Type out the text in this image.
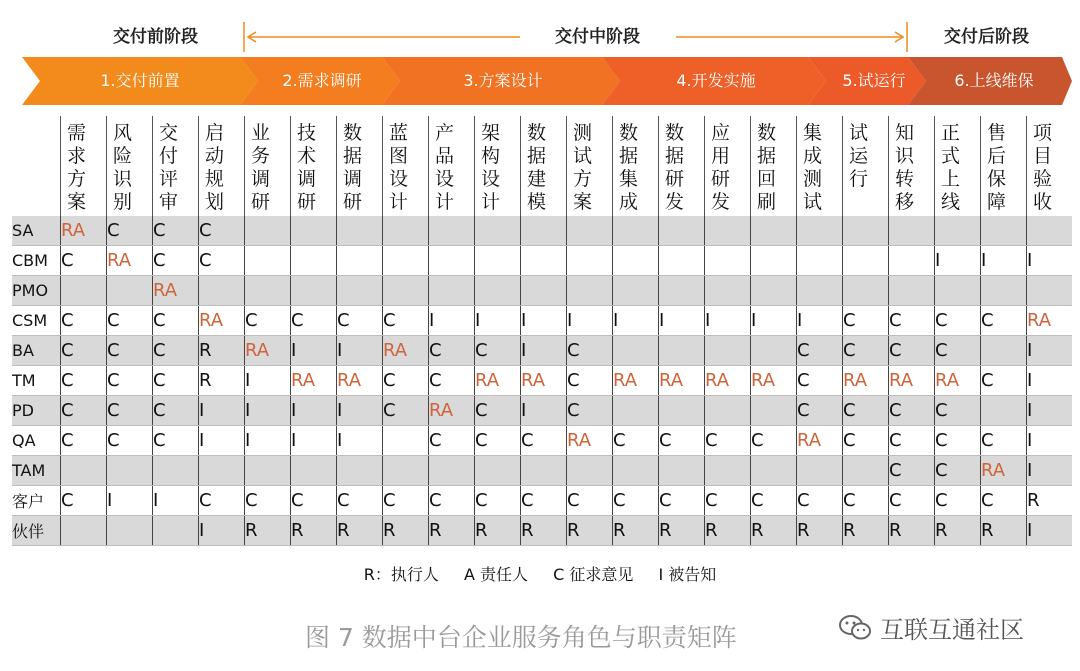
交付前阶段	交付中阶段	交付后阶段
1.交付前置	2.需求调研	3.方案设计	4.开发实施	5.试运行	6.上线维保

	需求方案	风险识别	交付评审	启动规划	业务调研	技术调研	数据调研	蓝图设计	产品设计	架构设计	数据建模	测试方案	数据集成	数据研发	应用研发	数据回刷	集成测试	试运行	知识转移	正式上线	售后保障	项目验收

SA	RA	C	C	C																		
CBM	C	RA	C	C																I	I	I
PMO			RA																			
CSM	C	C	C	RA	C	C	C	C	I	I	I	I	I	I	I	I	I	C	C	C	C	RA
BA	C	C	C	R	RA	I	I	RA	C	C	I	C					C	C	C	C		I
TM	C	C	C	R	I	RA	RA	C	C	RA	RA	C	RA	RA	RA	RA	C	RA	RA	RA	C	I
PD	C	C	C	I	I	I	I	C	RA	C	I	C					C	C	C	C		I
QA	C	C	C	I	I	I	I		C	C	C	RA	C	C	C	C	RA	C	C	C	C	I
TAM																			C	C	RA	I
客户	C	I	I	C	C	C	C	C	C	C	C	C	C	C	C	C	C	C	C	C	C	R
伙伴				I	R	R	R	R	R	R	R	R	R	R	R	R	R	R	R	R	R	I
R：执行人 A 责任人 C 征求意见 I 被告知
图 7 数据中台企业服务角色与职责矩阵	互联互通社区
